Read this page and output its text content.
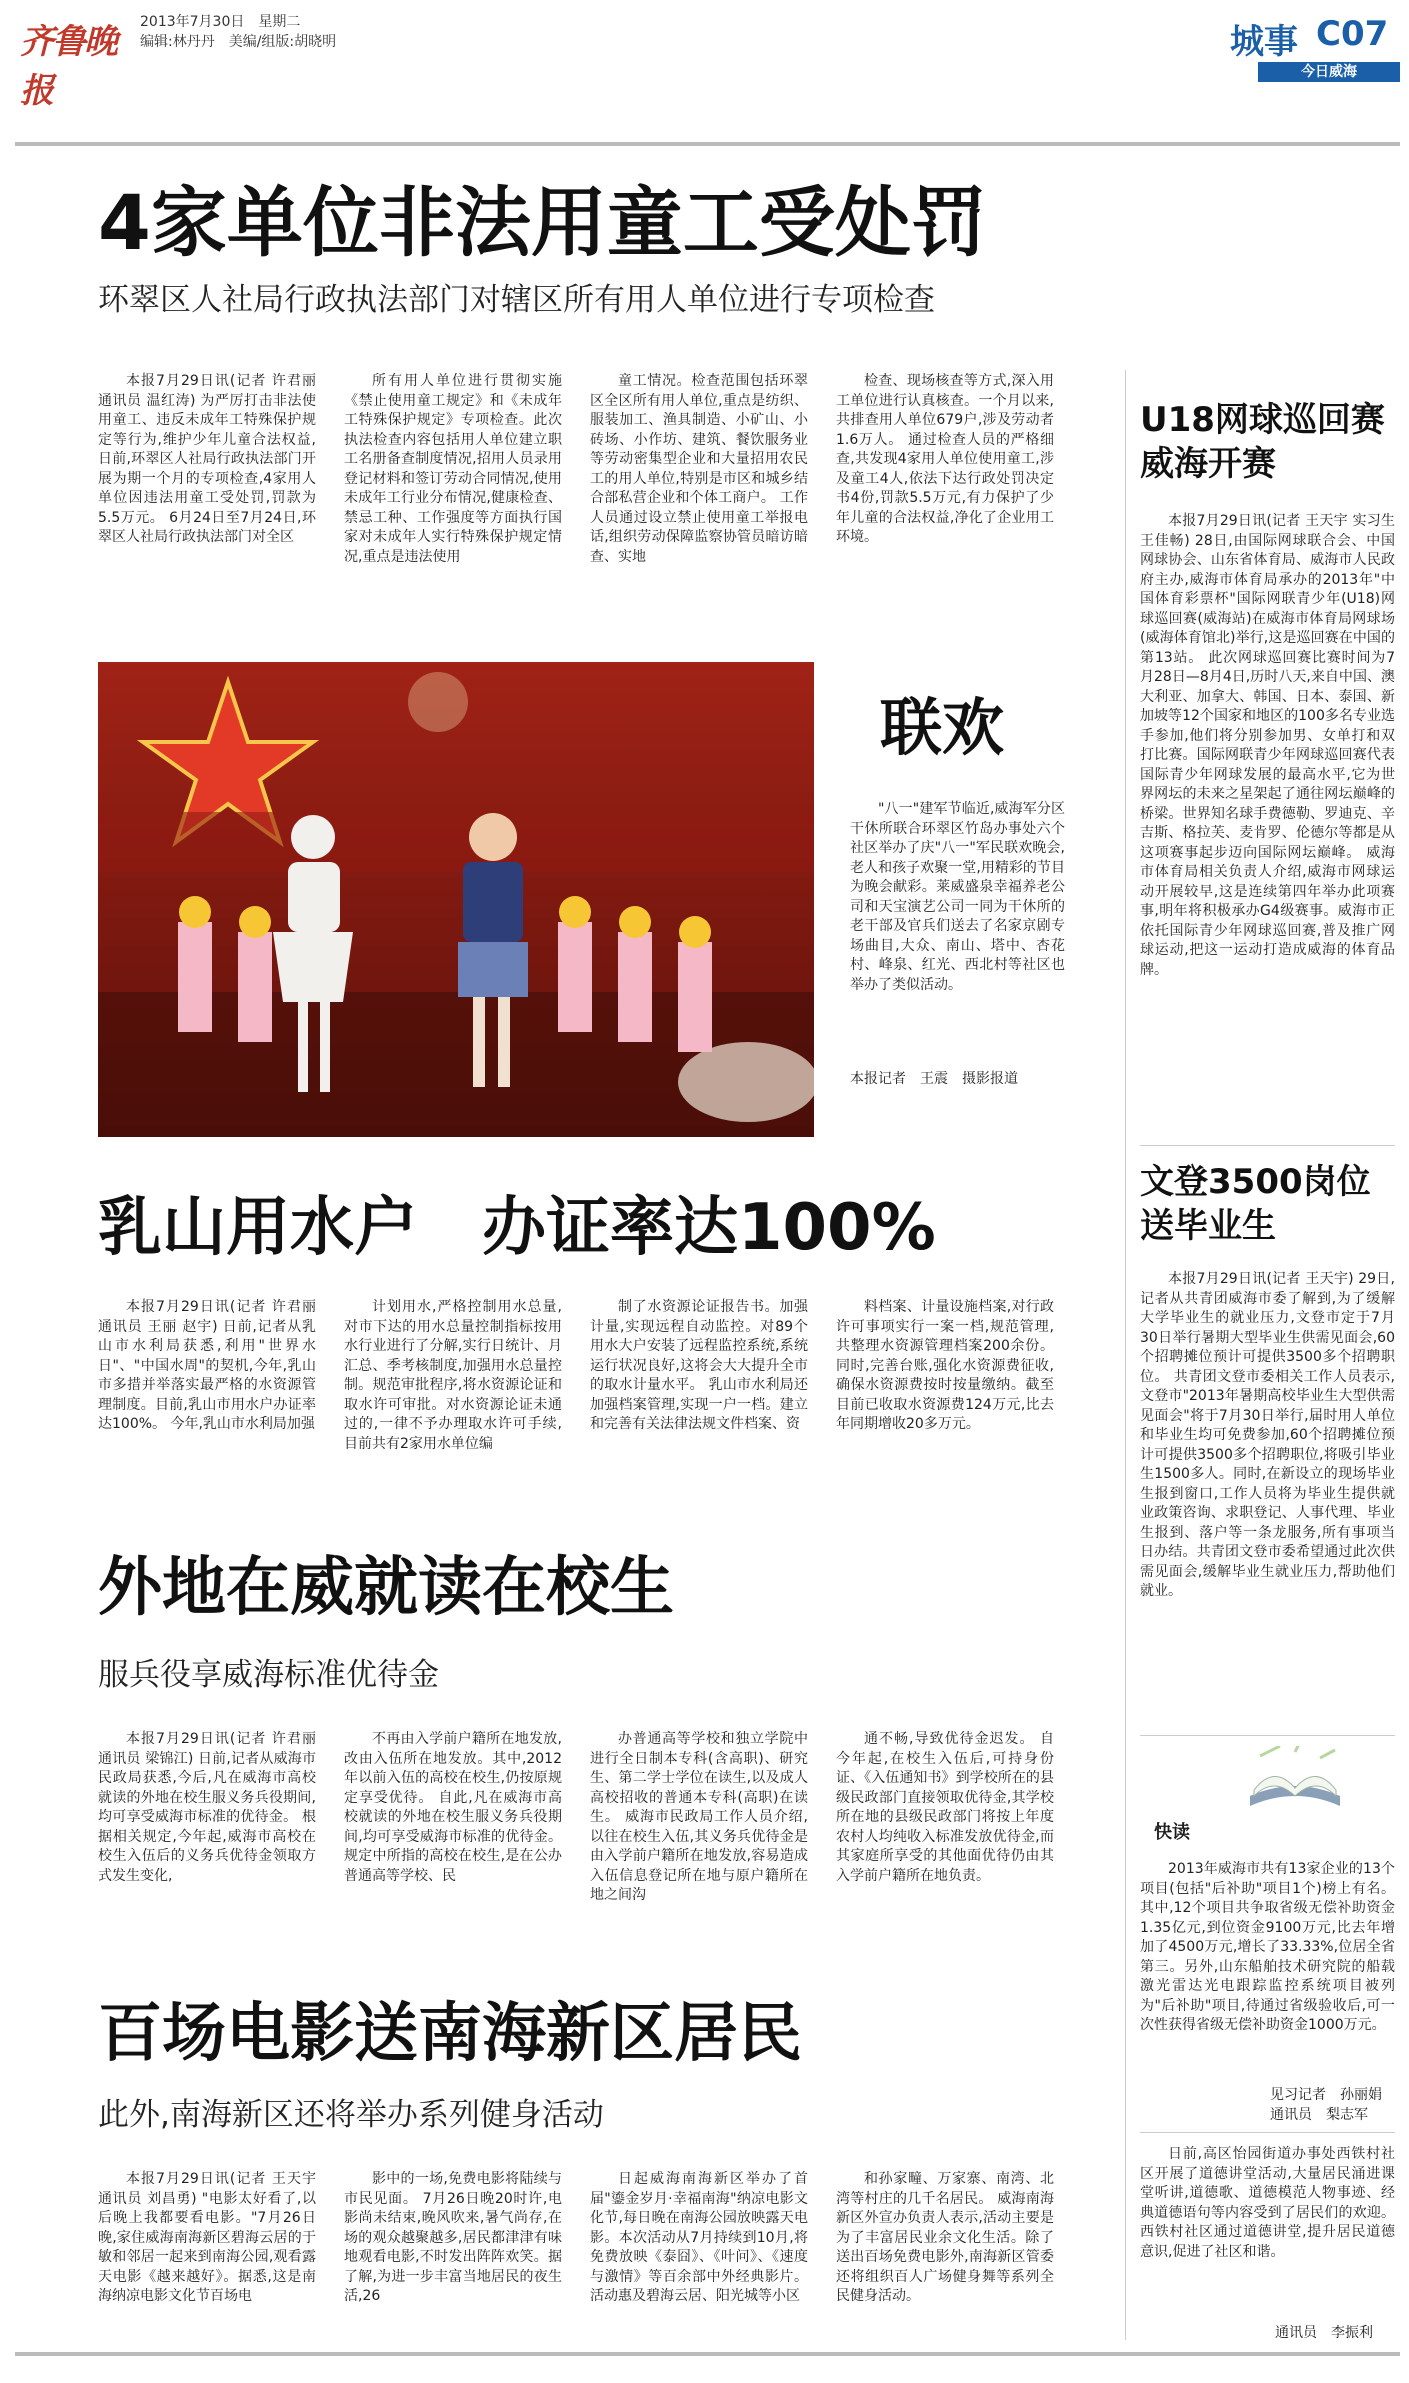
齐鲁晚报
2013年7月30日　星期二
编辑:林丹丹　美编/组版:胡晓明	城事 C07
今日威海
4家单位非法用童工受处罚
环翠区人社局行政执法部门对辖区所有用人单位进行专项检查

本报7月29日讯(记者 许君丽 通讯员 温红涛) 为严厉打击非法使用童工、违反未成年工特殊保护规定等行为,维护少年儿童合法权益,日前,环翠区人社局行政执法部门开展为期一个月的专项检查,4家用人单位因违法用童工受处罚,罚款为5.5万元。 6月24日至7月24日,环翠区人社局行政执法部门对全区

所有用人单位进行贯彻实施《禁止使用童工规定》和《未成年工特殊保护规定》专项检查。此次执法检查内容包括用人单位建立职工名册备查制度情况,招用人员录用登记材料和签订劳动合同情况,使用未成年工行业分布情况,健康检查、禁忌工种、工作强度等方面执行国家对未成年人实行特殊保护规定情况,重点是违法使用

童工情况。检查范围包括环翠区全区所有用人单位,重点是纺织、服装加工、渔具制造、小矿山、小砖场、小作坊、建筑、餐饮服务业等劳动密集型企业和大量招用农民工的用人单位,特别是市区和城乡结合部私营企业和个体工商户。 工作人员通过设立禁止使用童工举报电话,组织劳动保障监察协管员暗访暗查、实地

检查、现场核查等方式,深入用工单位进行认真核查。一个月以来,共排查用人单位679户,涉及劳动者1.6万人。 通过检查人员的严格细查,共发现4家用人单位使用童工,涉及童工4人,依法下达行政处罚决定书4份,罚款5.5万元,有力保护了少年儿童的合法权益,净化了企业用工环境。

联欢

"八一"建军节临近,威海军分区干休所联合环翠区竹岛办事处六个社区举办了庆"八一"军民联欢晚会,老人和孩子欢聚一堂,用精彩的节目为晚会献彩。莱威盛泉幸福养老公司和天宝演艺公司一同为干休所的老干部及官兵们送去了名家京剧专场曲目,大众、南山、塔中、杏花村、峰泉、红光、西北村等社区也举办了类似活动。

本报记者　王震　摄影报道
乳山用水户　办证率达100%

本报7月29日讯(记者 许君丽 通讯员 王丽 赵宇) 日前,记者从乳山市水利局获悉,利用"世界水日"、"中国水周"的契机,今年,乳山市多措并举落实最严格的水资源管理制度。目前,乳山市用水户办证率达100%。 今年,乳山市水利局加强

计划用水,严格控制用水总量,对市下达的用水总量控制指标按用水行业进行了分解,实行日统计、月汇总、季考核制度,加强用水总量控制。规范审批程序,将水资源论证和取水许可审批。对水资源论证未通过的,一律不予办理取水许可手续,目前共有2家用水单位编

制了水资源论证报告书。加强计量,实现远程自动监控。对89个用水大户安装了远程监控系统,系统运行状况良好,这将会大大提升全市的取水计量水平。 乳山市水利局还加强档案管理,实现一户一档。建立和完善有关法律法规文件档案、资

料档案、计量设施档案,对行政许可事项实行一案一档,规范管理,共整理水资源管理档案200余份。 同时,完善台账,强化水资源费征收,确保水资源费按时按量缴纳。截至目前已收取水资源费124万元,比去年同期增收20多万元。

外地在威就读在校生
服兵役享威海标准优待金

本报7月29日讯(记者 许君丽 通讯员 梁锦江) 日前,记者从威海市民政局获悉,今后,凡在威海市高校就读的外地在校生服义务兵役期间,均可享受威海市标准的优待金。 根据相关规定,今年起,威海市高校在校生入伍后的义务兵优待金领取方式发生变化,

不再由入学前户籍所在地发放,改由入伍所在地发放。其中,2012年以前入伍的高校在校生,仍按原规定享受优待。 自此,凡在威海市高校就读的外地在校生服义务兵役期间,均可享受威海市标准的优待金。 规定中所指的高校在校生,是在公办普通高等学校、民

办普通高等学校和独立学院中进行全日制本专科(含高职)、研究生、第二学士学位在读生,以及成人高校招收的普通本专科(高职)在读生。 威海市民政局工作人员介绍,以往在校生入伍,其义务兵优待金是由入学前户籍所在地发放,容易造成入伍信息登记所在地与原户籍所在地之间沟

通不畅,导致优待金迟发。 自今年起,在校生入伍后,可持身份证、《入伍通知书》到学校所在的县级民政部门直接领取优待金,其学校所在地的县级民政部门将按上年度农村人均纯收入标准发放优待金,而其家庭所享受的其他面优待仍由其入学前户籍所在地负责。

百场电影送南海新区居民
此外,南海新区还将举办系列健身活动

本报7月29日讯(记者 王天宇 通讯员 刘昌勇) "电影太好看了,以后晚上我都要看电影。"7月26日晚,家住威海南海新区碧海云居的于敏和邻居一起来到南海公园,观看露天电影《越来越好》。据悉,这是南海纳凉电影文化节百场电

影中的一场,免费电影将陆续与市民见面。 7月26日晚20时许,电影尚未结束,晚风吹来,暑气尚存,在场的观众越聚越多,居民都津津有味地观看电影,不时发出阵阵欢笑。据了解,为进一步丰富当地居民的夜生活,26

日起威海南海新区举办了首届"鎏金岁月·幸福南海"纳凉电影文化节,每日晚在南海公园放映露天电影。本次活动从7月持续到10月,将免费放映《泰囧》、《叶问》、《速度与激情》等百余部中外经典影片。活动惠及碧海云居、阳光城等小区

和孙家疃、万家寨、南湾、北湾等村庄的几千名居民。 威海南海新区外宣办负责人表示,活动主要是为了丰富居民业余文化生活。除了送出百场免费电影外,南海新区管委还将组织百人广场健身舞等系列全民健身活动。

U18网球巡回赛威海开赛

本报7月29日讯(记者 王天宇 实习生 王佳畅) 28日,由国际网球联合会、中国网球协会、山东省体育局、威海市人民政府主办,威海市体育局承办的2013年"中国体育彩票杯"国际网联青少年(U18)网球巡回赛(威海站)在威海市体育局网球场(威海体育馆北)举行,这是巡回赛在中国的第13站。 此次网球巡回赛比赛时间为7月28日—8月4日,历时八天,来自中国、澳大利亚、加拿大、韩国、日本、泰国、新加坡等12个国家和地区的100多名专业选手参加,他们将分别参加男、女单打和双打比赛。国际网联青少年网球巡回赛代表国际青少年网球发展的最高水平,它为世界网坛的未来之星架起了通往网坛巅峰的桥梁。世界知名球手费德勒、罗迪克、辛吉斯、格拉芙、麦肯罗、伦德尔等都是从这项赛事起步迈向国际网坛巅峰。 威海市体育局相关负责人介绍,威海市网球运动开展较早,这是连续第四年举办此项赛事,明年将积极承办G4级赛事。威海市正依托国际青少年网球巡回赛,普及推广网球运动,把这一运动打造成威海的体育品牌。

文登3500岗位送毕业生

本报7月29日讯(记者 王天宇) 29日,记者从共青团威海市委了解到,为了缓解大学毕业生的就业压力,文登市定于7月30日举行暑期大型毕业生供需见面会,60个招聘摊位预计可提供3500多个招聘职位。 共青团文登市委相关工作人员表示,文登市"2013年暑期高校毕业生大型供需见面会"将于7月30日举行,届时用人单位和毕业生均可免费参加,60个招聘摊位预计可提供3500多个招聘职位,将吸引毕业生1500多人。同时,在新设立的现场毕业生报到窗口,工作人员将为毕业生提供就业政策咨询、求职登记、人事代理、毕业生报到、落户等一条龙服务,所有事项当日办结。共青团文登市委希望通过此次供需见面会,缓解毕业生就业压力,帮助他们就业。

快读

2013年威海市共有13家企业的13个项目(包括"后补助"项目1个)榜上有名。其中,12个项目共争取省级无偿补助资金1.35亿元,到位资金9100万元,比去年增加了4500万元,增长了33.33%,位居全省第三。另外,山东船舶技术研究院的船载激光雷达光电跟踪监控系统项目被列为"后补助"项目,待通过省级验收后,可一次性获得省级无偿补助资金1000万元。

见习记者　孙丽娟
通讯员　梨志军

日前,高区怡园街道办事处西铁村社区开展了道德讲堂活动,大量居民涌进课堂听讲,道德歌、道德模范人物事迹、经典道德语句等内容受到了居民们的欢迎。西铁村社区通过道德讲堂,提升居民道德意识,促进了社区和谐。

通讯员　李振利
